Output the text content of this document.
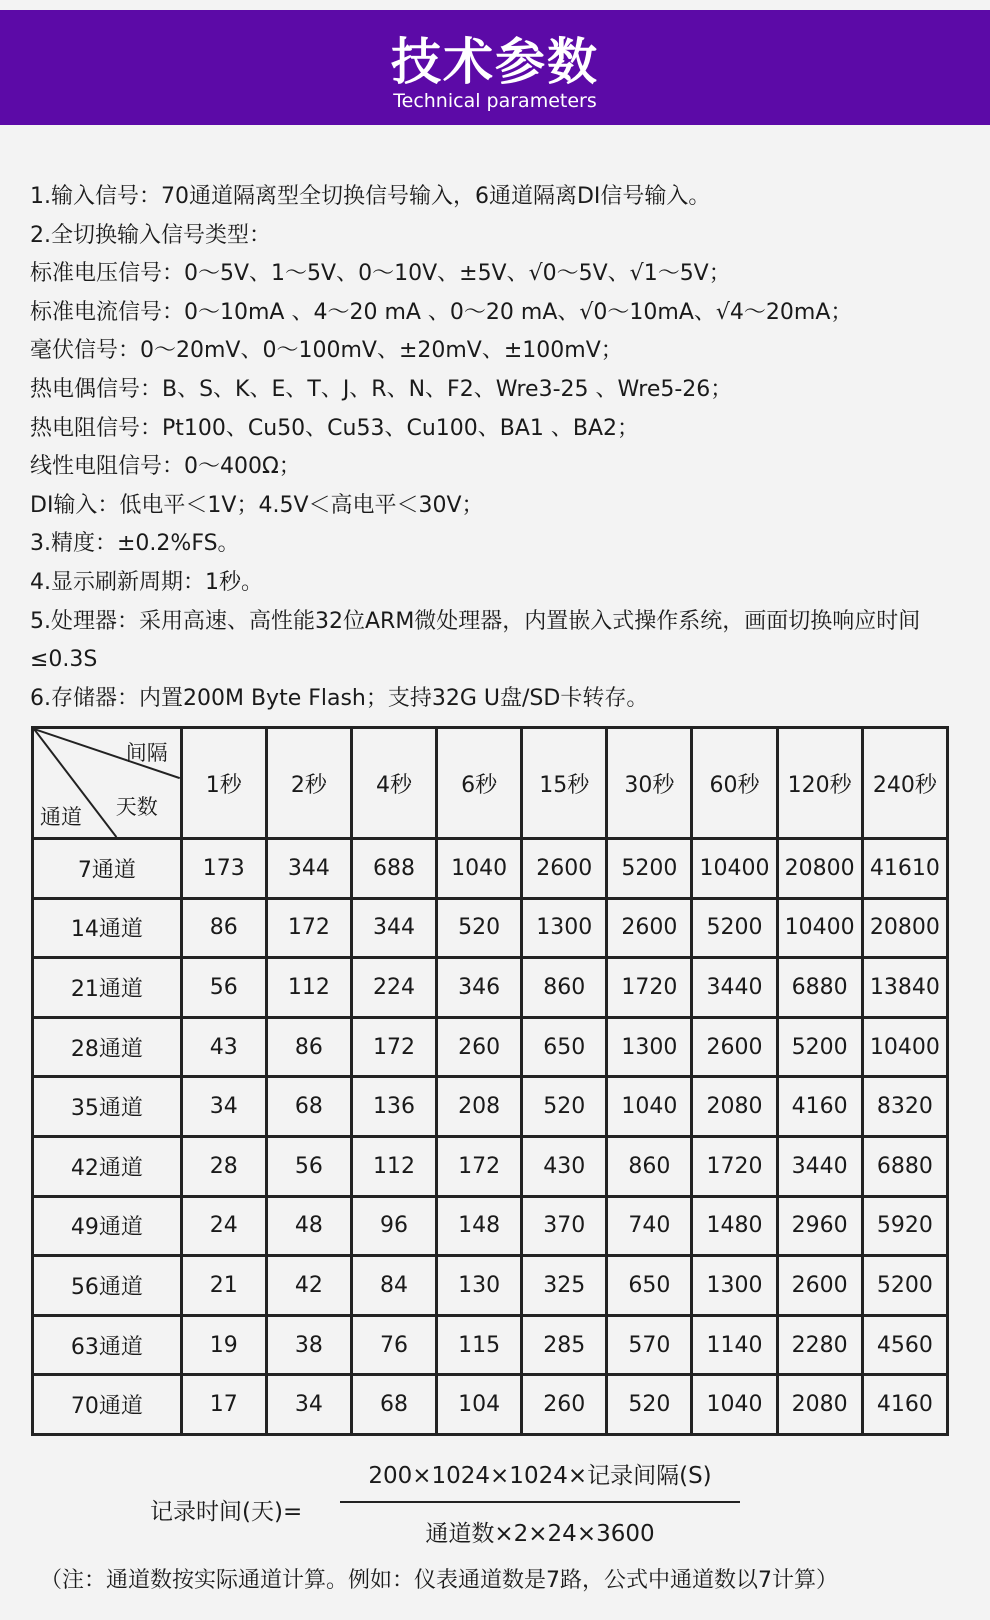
技术参数
Technical parameters
1.输入信号：70通道隔离型全切换信号输入，6通道隔离DI信号输入。
2.全切换输入信号类型：
标准电压信号：0～5V、1～5V、0～10V、±5V、√0～5V、√1～5V；
标准电流信号：0～10mA 、4～20 mA 、0～20 mA、√0～10mA、√4～20mA；
毫伏信号：0～20mV、0～100mV、±20mV、±100mV；
热电偶信号：B、S、K、E、T、J、R、N、F2、Wre3-25 、Wre5-26；
热电阻信号：Pt100、Cu50、Cu53、Cu100、BA1 、BA2；
线性电阻信号：0～400Ω；
DI输入：低电平＜1V；4.5V＜高电平＜30V；
3.精度：±0.2%FS。
4.显示刷新周期：1秒。
5.处理器：采用高速、高性能32位ARM微处理器，内置嵌入式操作系统，画面切换响应时间≤0.3S
6.存储器：内置200M Byte Flash；支持32G U盘/SD卡转存。
间隔
天数
通道	1秒	2秒	4秒	6秒	15秒	30秒	60秒	120秒	240秒
7通道	173	344	688	1040	2600	5200	10400	20800	41610
14通道	86	172	344	520	1300	2600	5200	10400	20800
21通道	56	112	224	346	860	1720	3440	6880	13840
28通道	43	86	172	260	650	1300	2600	5200	10400
35通道	34	68	136	208	520	1040	2080	4160	8320
42通道	28	56	112	172	430	860	1720	3440	6880
49通道	24	48	96	148	370	740	1480	2960	5920
56通道	21	42	84	130	325	650	1300	2600	5200
63通道	19	38	76	115	285	570	1140	2280	4560
70通道	17	34	68	104	260	520	1040	2080	4160
记录时间(天)=
200×1024×1024×记录间隔(S)
通道数×2×24×3600
（注：通道数按实际通道计算。例如：仪表通道数是7路，公式中通道数以7计算）
